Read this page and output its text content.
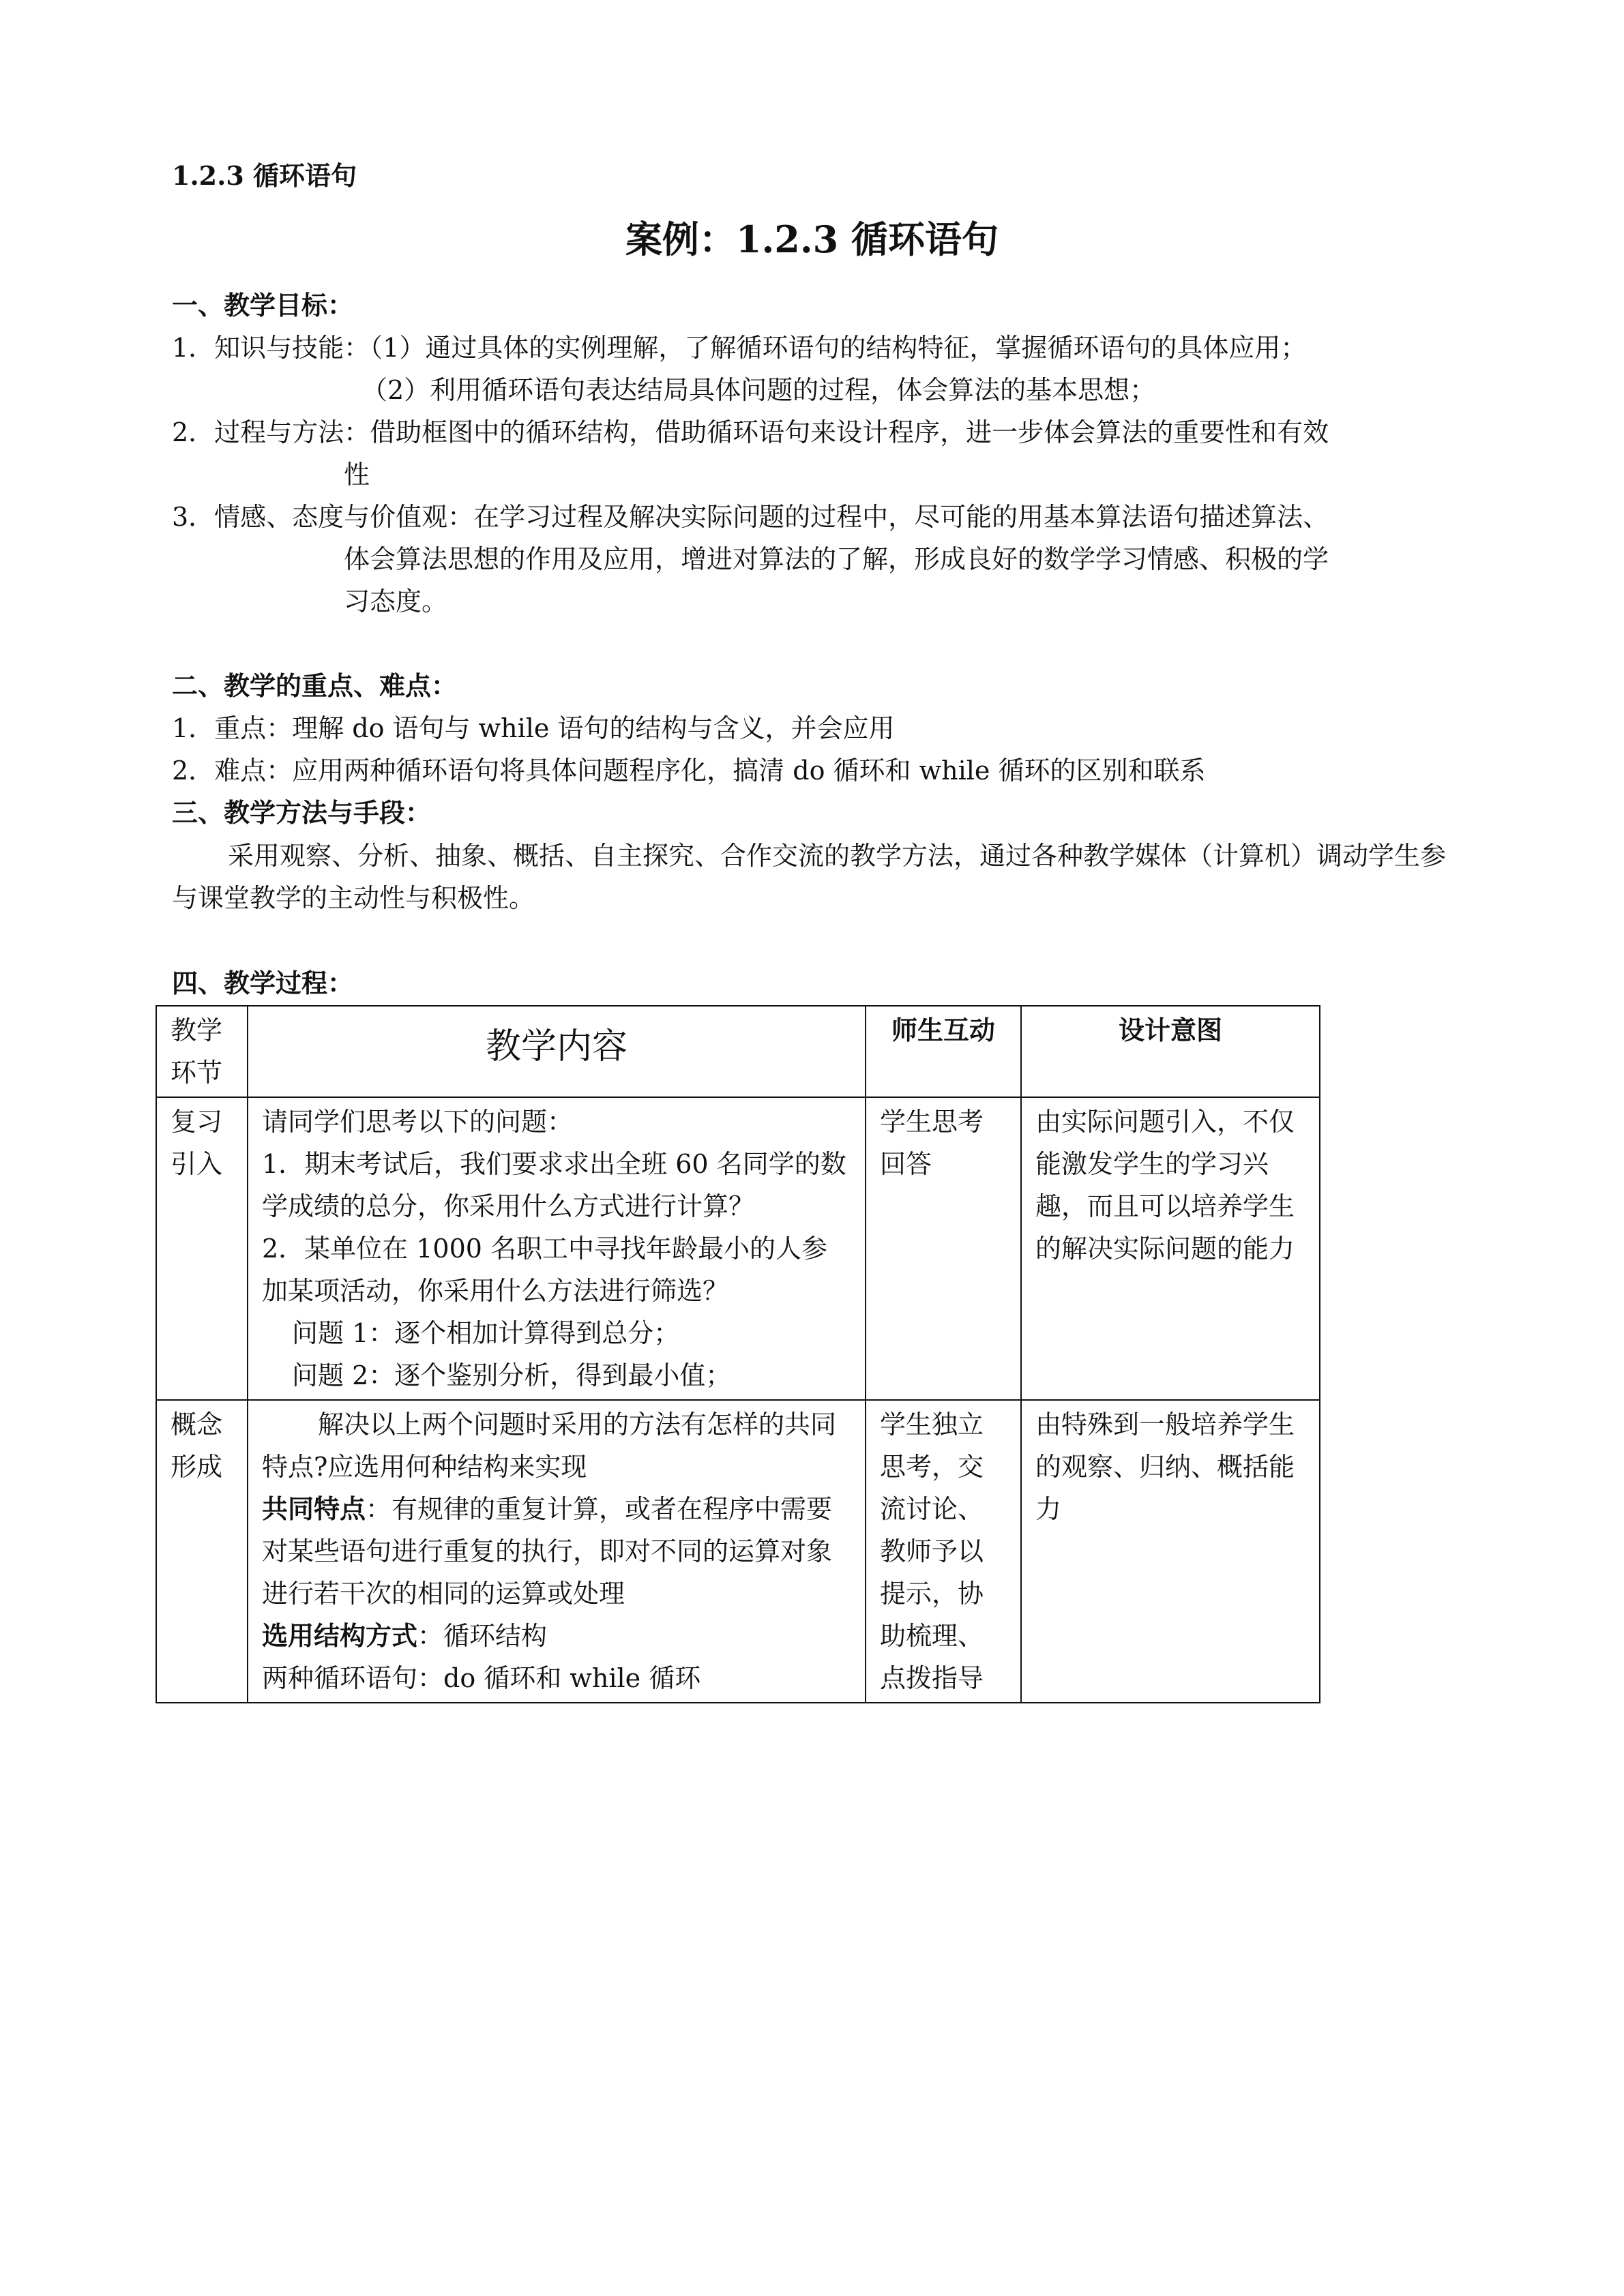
1.2.3 循环语句
案例：1.2.3 循环语句
一、教学目标：
1．知识与技能：（1）通过具体的实例理解，了解循环语句的结构特征，掌握循环语句的具体应用；
（2）利用循环语句表达结局具体问题的过程，体会算法的基本思想；
2．过程与方法：借助框图中的循环结构，借助循环语句来设计程序，进一步体会算法的重要性和有效
性
3．情感、态度与价值观：在学习过程及解决实际问题的过程中，尽可能的用基本算法语句描述算法、
体会算法思想的作用及应用，增进对算法的了解，形成良好的数学学习情感、积极的学
习态度。
二、教学的重点、难点：
1．重点：理解 do 语句与 while 语句的结构与含义，并会应用
2．难点：应用两种循环语句将具体问题程序化，搞清 do 循环和 while 循环的区别和联系
三、教学方法与手段：
采用观察、分析、抽象、概括、自主探究、合作交流的教学方法，通过各种教学媒体（计算机）调动学生参与课堂教学的主动性与积极性。
四、教学过程：
教学环节	教学内容	师生互动	设计意图
复习引入	请同学们思考以下的问题：
1．期末考试后，我们要求求出全班 60 名同学的数学成绩的总分，你采用什么方式进行计算？
2．某单位在 1000 名职工中寻找年龄最小的人参加某项活动，你采用什么方法进行筛选？
问题 1：逐个相加计算得到总分；
问题 2：逐个鉴别分析，得到最小值；	学生思考回答	由实际问题引入，不仅能激发学生的学习兴趣，而且可以培养学生的解决实际问题的能力
概念形成	解决以上两个问题时采用的方法有怎样的共同特点?应选用何种结构来实现
共同特点：有规律的重复计算，或者在程序中需要对某些语句进行重复的执行，即对不同的运算对象进行若干次的相同的运算或处理
选用结构方式：循环结构
两种循环语句：do 循环和 while 循环	学生独立思考，交流讨论、教师予以提示，协助梳理、点拨指导	由特殊到一般培养学生的观察、归纳、概括能力
